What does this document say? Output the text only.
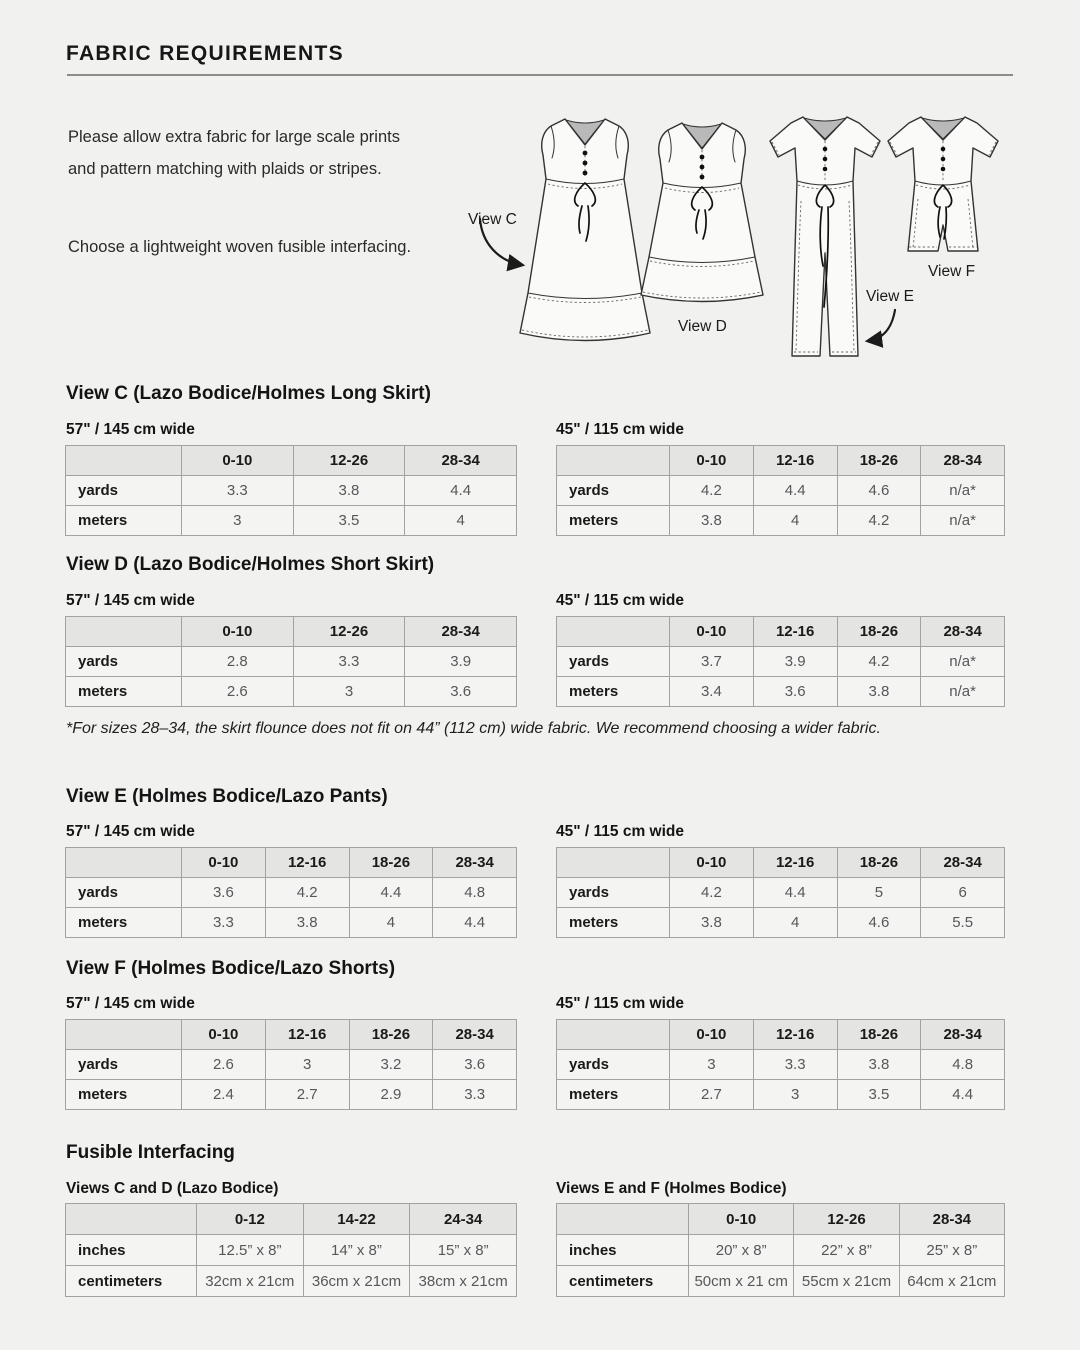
FABRIC REQUIREMENTS
Please allow extra fabric for large scale prints and pattern matching with plaids or stripes.
Choose a lightweight woven fusible interfacing.
View C
View D
View E
View F
View C (Lazo Bodice/Holmes Long Skirt)
57" / 145 cm wide	45" / 115 cm wide
	0-10	12-26	28-34
yards	3.3	3.8	4.4
meters	3	3.5	4
	0-10	12-16	18-26	28-34
yards	4.2	4.4	4.6	n/a*
meters	3.8	4	4.2	n/a*
View D (Lazo Bodice/Holmes Short Skirt)
57" / 145 cm wide	45" / 115 cm wide
	0-10	12-26	28-34
yards	2.8	3.3	3.9
meters	2.6	3	3.6
	0-10	12-16	18-26	28-34
yards	3.7	3.9	4.2	n/a*
meters	3.4	3.6	3.8	n/a*
*For sizes 28–34, the skirt flounce does not fit on 44” (112 cm) wide fabric. We recommend choosing a wider fabric.
View E (Holmes Bodice/Lazo Pants)
57" / 145 cm wide	45" / 115 cm wide
	0-10	12-16	18-26	28-34
yards	3.6	4.2	4.4	4.8
meters	3.3	3.8	4	4.4
	0-10	12-16	18-26	28-34
yards	4.2	4.4	5	6
meters	3.8	4	4.6	5.5
View F (Holmes Bodice/Lazo Shorts)
57" / 145 cm wide	45" / 115 cm wide
	0-10	12-16	18-26	28-34
yards	2.6	3	3.2	3.6
meters	2.4	2.7	2.9	3.3
	0-10	12-16	18-26	28-34
yards	3	3.3	3.8	4.8
meters	2.7	3	3.5	4.4
Fusible Interfacing
Views C and D (Lazo Bodice)	Views E and F (Holmes Bodice)
	0-12	14-22	24-34
inches	12.5” x 8”	14” x 8”	15” x 8”
centimeters	32cm x 21cm	36cm x 21cm	38cm x 21cm
	0-10	12-26	28-34
inches	20” x 8”	22” x 8”	25” x 8”
centimeters	50cm x 21 cm	55cm x 21cm	64cm x 21cm
